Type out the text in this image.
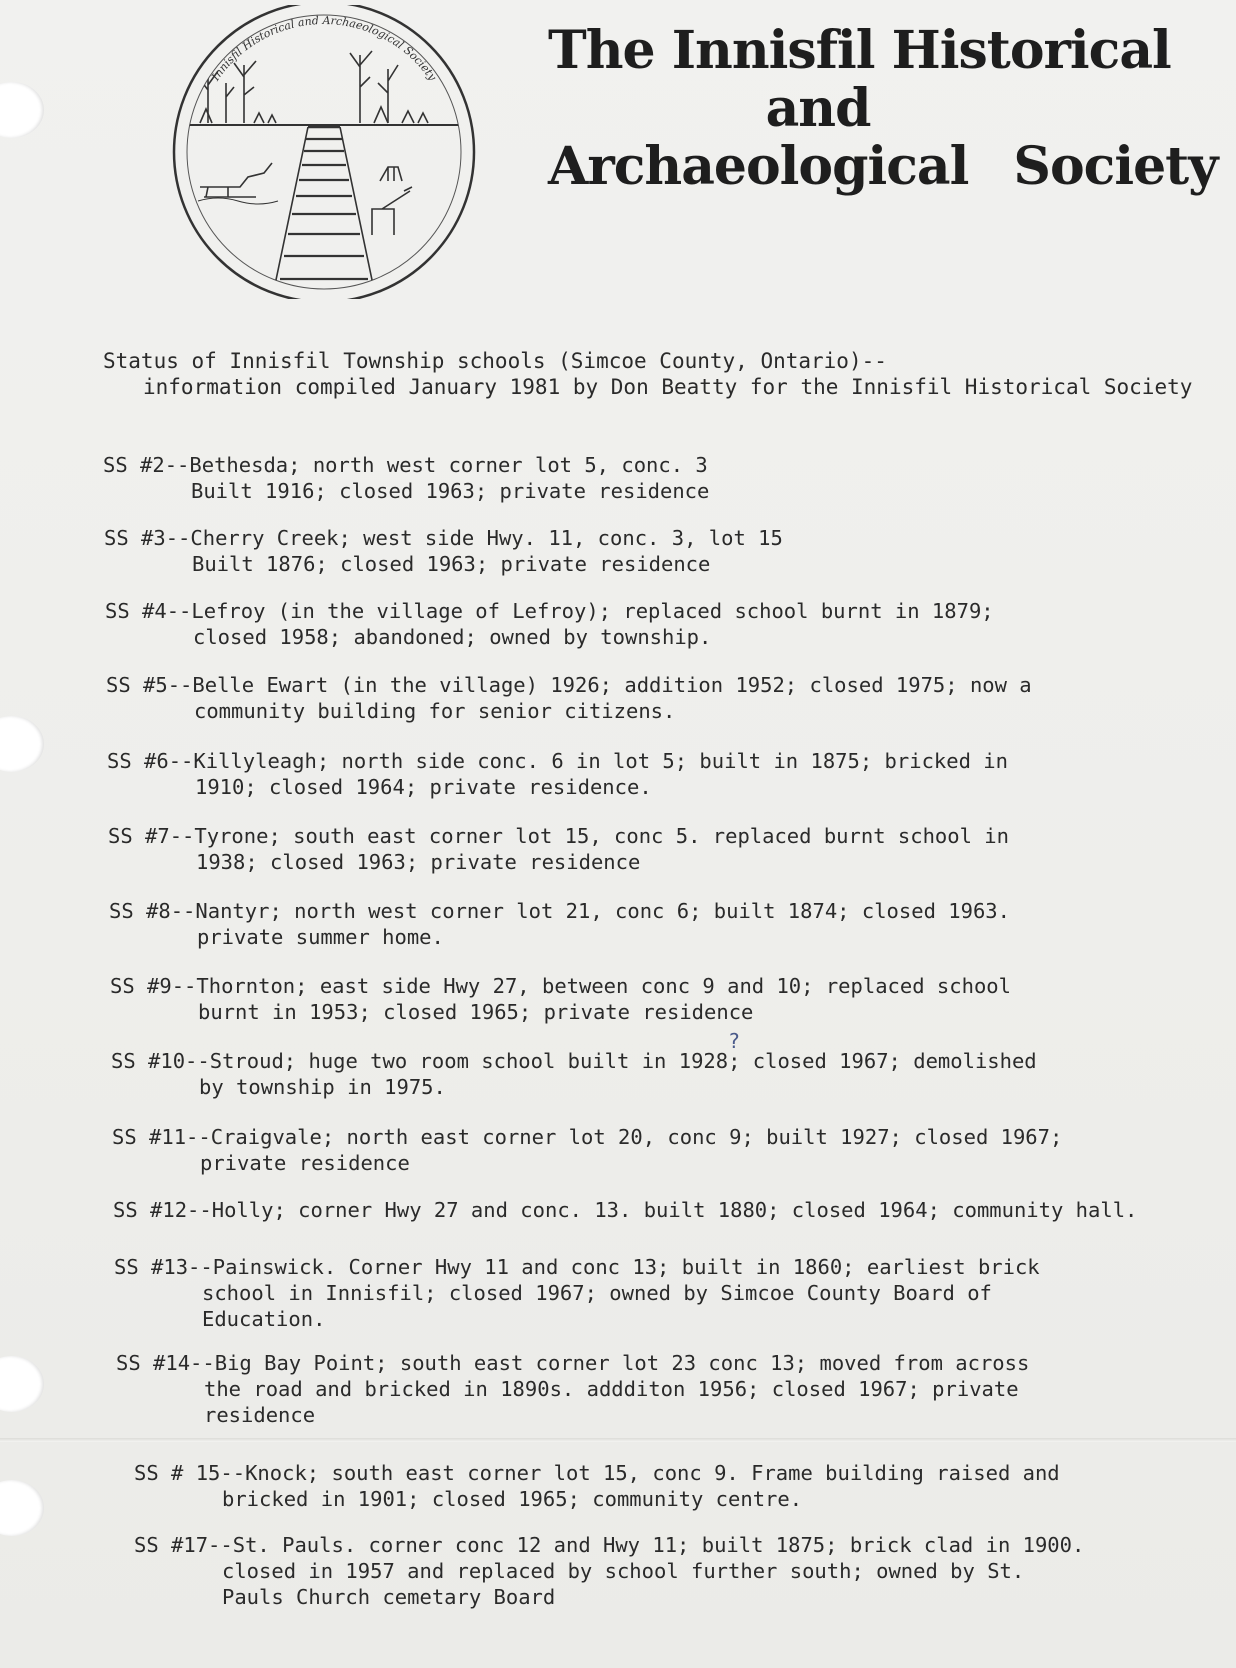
Innisfil Historical and Archaeological Society The Innisfil Historical
and
Archaeological Society
Status of Innisfil Township schools (Simcoe County, Ontario)--
information compiled January 1981 by Don Beatty for the Innisfil Historical Society
SS #2--Bethesda; north west corner lot 5, conc. 3
Built 1916; closed 1963; private residence
SS #3--Cherry Creek; west side Hwy. 11, conc. 3, lot 15
Built 1876; closed 1963; private residence
SS #4--Lefroy (in the village of Lefroy); replaced school burnt in 1879;
closed 1958; abandoned; owned by township.
SS #5--Belle Ewart (in the village) 1926; addition 1952; closed 1975; now a
community building for senior citizens.
SS #6--Killyleagh; north side conc. 6 in lot 5; built in 1875; bricked in
1910; closed 1964; private residence.
SS #7--Tyrone; south east corner lot 15, conc 5. replaced burnt school in
1938; closed 1963; private residence
SS #8--Nantyr; north west corner lot 21, conc 6; built 1874; closed 1963.
private summer home.
SS #9--Thornton; east side Hwy 27, between conc 9 and 10; replaced school
burnt in 1953; closed 1965; private residence
SS #10--Stroud; huge two room school built in 1928; closed 1967; demolished
?
by township in 1975.
SS #11--Craigvale; north east corner lot 20, conc 9; built 1927; closed 1967;
private residence
SS #12--Holly; corner Hwy 27 and conc. 13. built 1880; closed 1964; community hall.
SS #13--Painswick. Corner Hwy 11 and conc 13; built in 1860; earliest brick
school in Innisfil; closed 1967; owned by Simcoe County Board of
Education.
SS #14--Big Bay Point; south east corner lot 23 conc 13; moved from across
the road and bricked in 1890s. addditon 1956; closed 1967; private
residence
SS # 15--Knock; south east corner lot 15, conc 9. Frame building raised and
bricked in 1901; closed 1965; community centre.
SS #17--St. Pauls. corner conc 12 and Hwy 11; built 1875; brick clad in 1900.
closed in 1957 and replaced by school further south; owned by St.
Pauls Church cemetary Board
